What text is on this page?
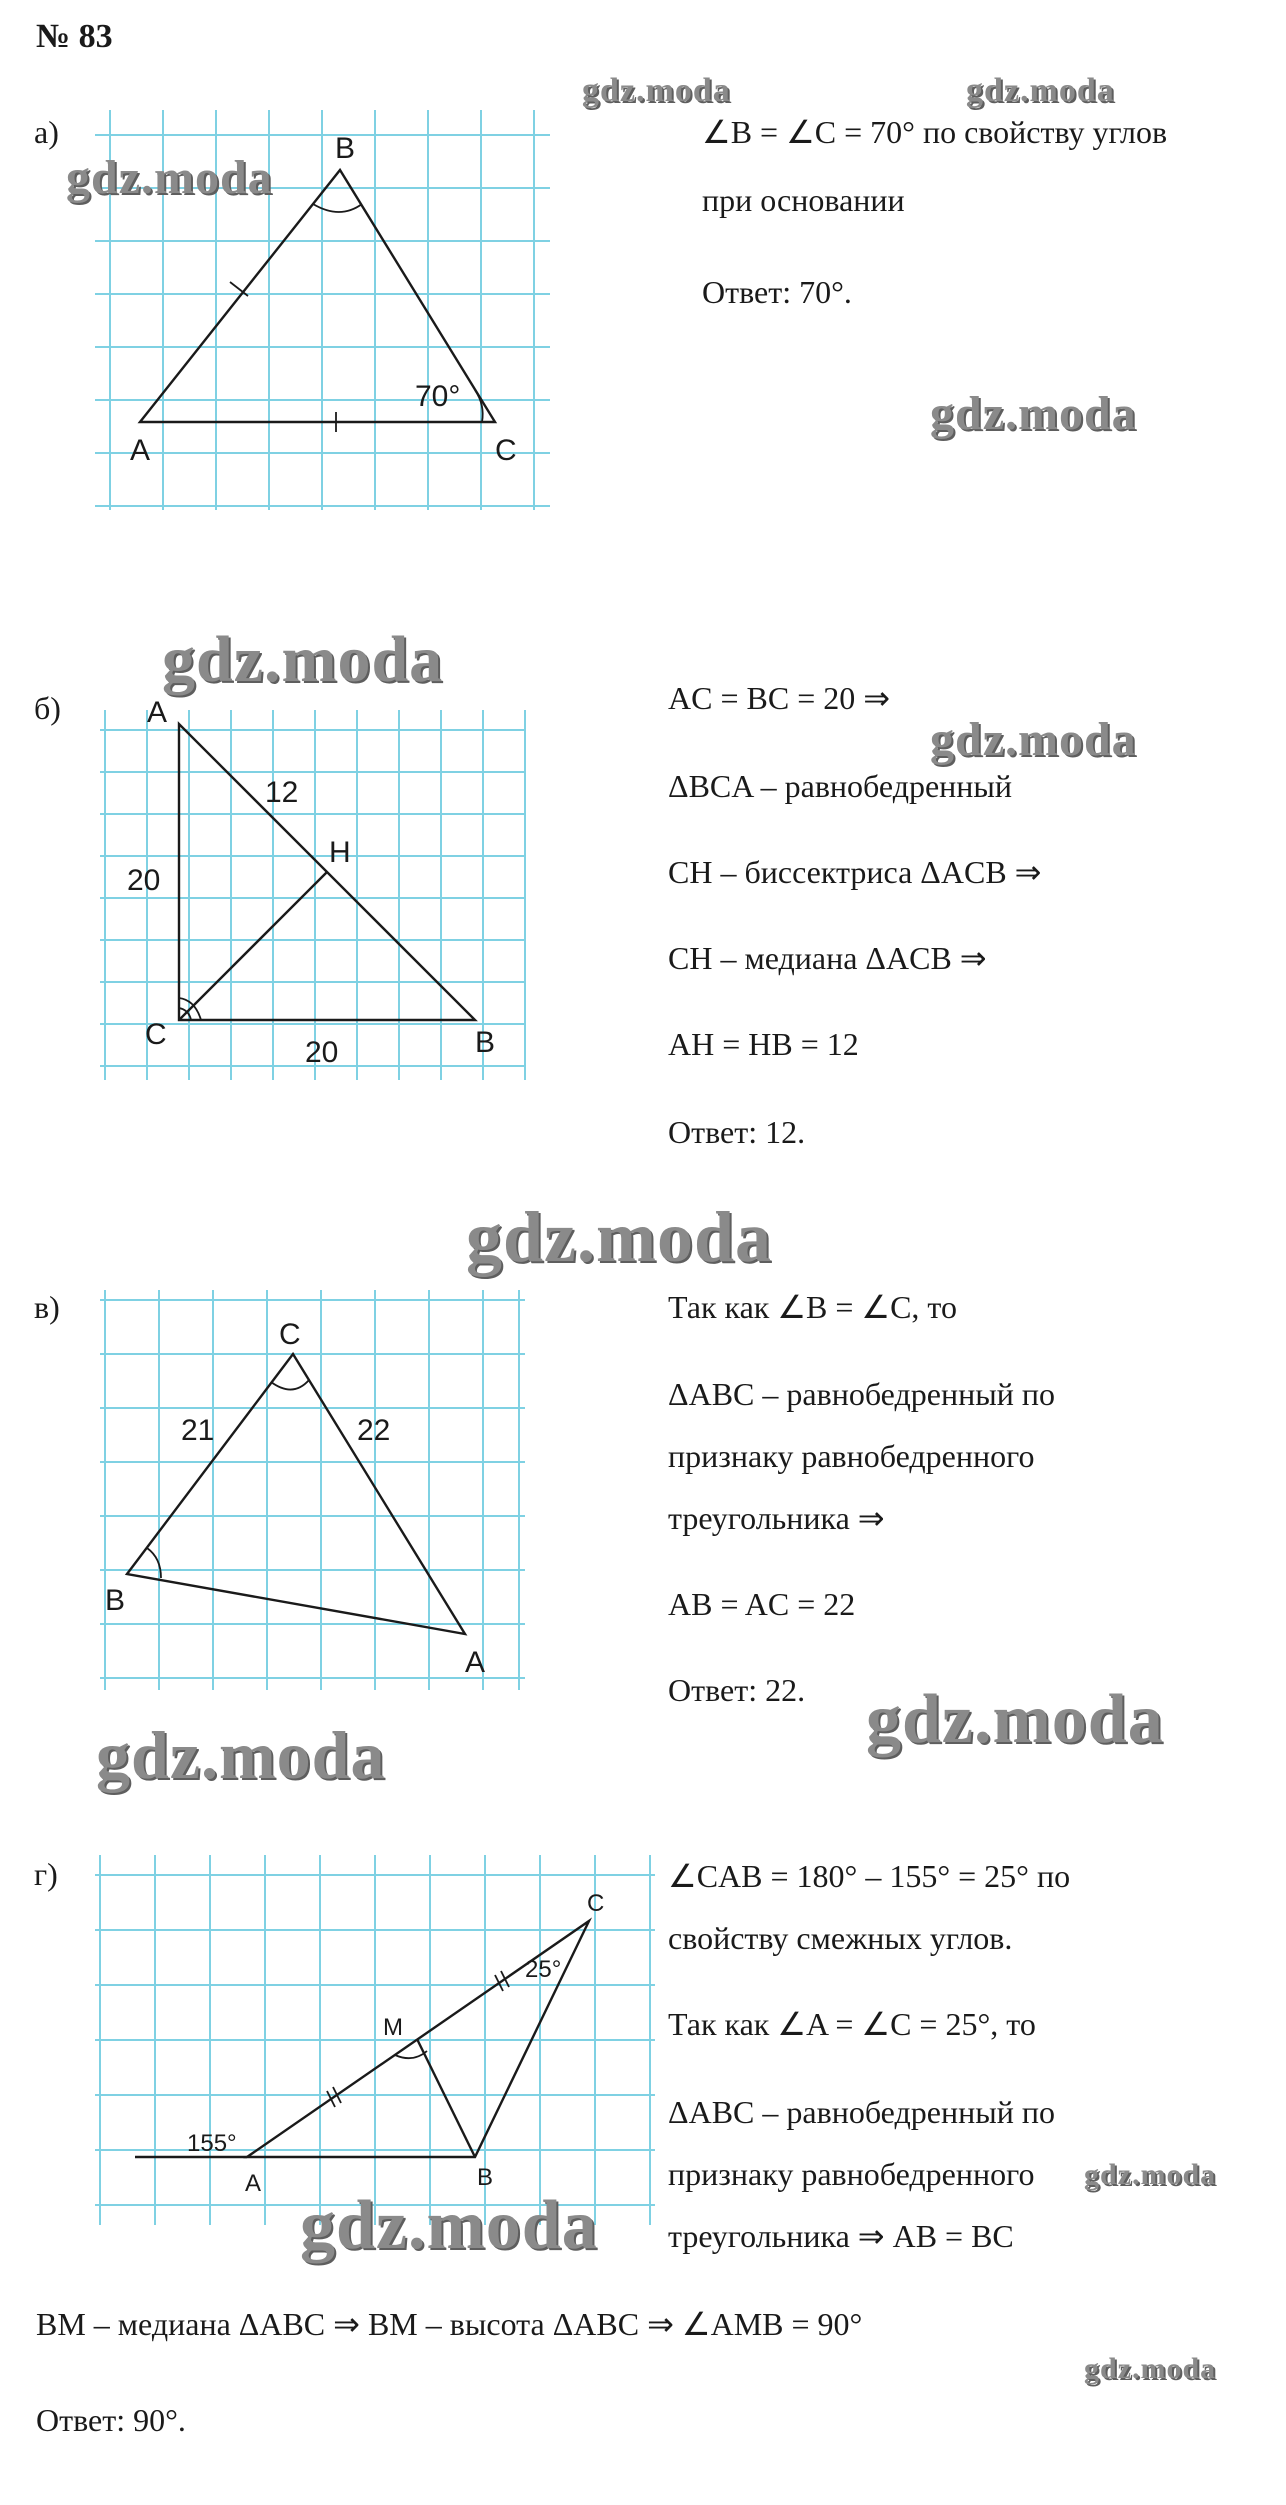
№ 83
а)
A
B
C
70°
∠B = ∠C = 70° по свойству углов
при основании
Ответ: 70°.
б)	A
B
C
H
12
20
20
AC = BC = 20 ⇒
ΔBCA – равнобедренный
CH – биссектриса ΔACB ⇒
CH – медиана ΔACB ⇒
AH = HB = 12
Ответ: 12.
в)
C
B
A
21	22
Так как ∠B = ∠C, то
ΔABC – равнобедренный по
признаку равнобедренного
треугольника ⇒
AB = AC = 22
Ответ: 22.
г)
A	B
C
M
155°
25°
∠CAB = 180° – 155° = 25° по
свойству смежных углов.
Так как ∠A = ∠C = 25°, то
ΔABC – равнобедренный по
признаку равнобедренного
треугольника ⇒ AB = BC
BM – медиана ΔABC ⇒ BM – высота ΔABC ⇒ ∠AMB = 90°
Ответ: 90°.
gdz.moda	gdz.moda
gdz.moda
gdz.moda
gdz.moda
gdz.moda
gdz.moda
gdz.moda
gdz.moda
gdz.moda
gdz.moda
gdz.moda
